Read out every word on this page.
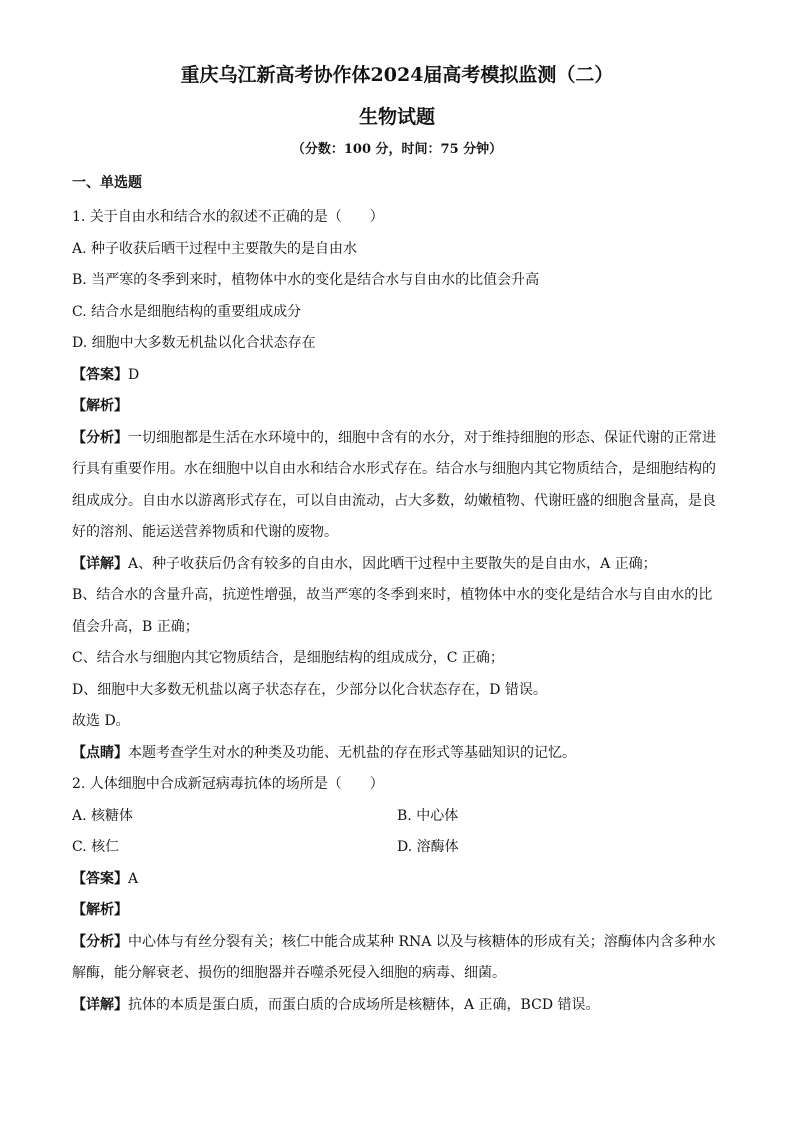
重庆乌江新高考协作体2024届高考模拟监测（二）
生物试题
（分数：100 分，时间：75 分钟）
一、单选题

1. 关于自由水和结合水的叙述不正确的是（　　）

A. 种子收获后晒干过程中主要散失的是自由水

B. 当严寒的冬季到来时，植物体中水的变化是结合水与自由水的比值会升高

C. 结合水是细胞结构的重要组成成分

D. 细胞中大多数无机盐以化合状态存在

【答案】D

【解析】

【分析】一切细胞都是生活在水环境中的，细胞中含有的水分，对于维持细胞的形态、保证代谢的正常进
行具有重要作用。水在细胞中以自由水和结合水形式存在。结合水与细胞内其它物质结合，是细胞结构的
组成成分。自由水以游离形式存在，可以自由流动，占大多数，幼嫩植物、代谢旺盛的细胞含量高，是良
好的溶剂、能运送营养物质和代谢的废物。

【详解】A、种子收获后仍含有较多的自由水，因此晒干过程中主要散失的是自由水，A 正确；
B、结合水的含量升高，抗逆性增强，故当严寒的冬季到来时，植物体中水的变化是结合水与自由水的比
值会升高，B 正确；
C、结合水与细胞内其它物质结合，是细胞结构的组成成分，C 正确；
D、细胞中大多数无机盐以离子状态存在，少部分以化合状态存在，D 错误。
故选 D。

【点睛】本题考查学生对水的种类及功能、无机盐的存在形式等基础知识的记忆。

2. 人体细胞中合成新冠病毒抗体的场所是（　　）

A. 核糖体	B. 中心体
C. 核仁	D. 溶酶体

【答案】A

【解析】

【分析】中心体与有丝分裂有关；核仁中能合成某种 RNA 以及与核糖体的形成有关；溶酶体内含多种水
解酶，能分解衰老、损伤的细胞器并吞噬杀死侵入细胞的病毒、细菌。

【详解】抗体的本质是蛋白质，而蛋白质的合成场所是核糖体，A 正确，BCD 错误。
